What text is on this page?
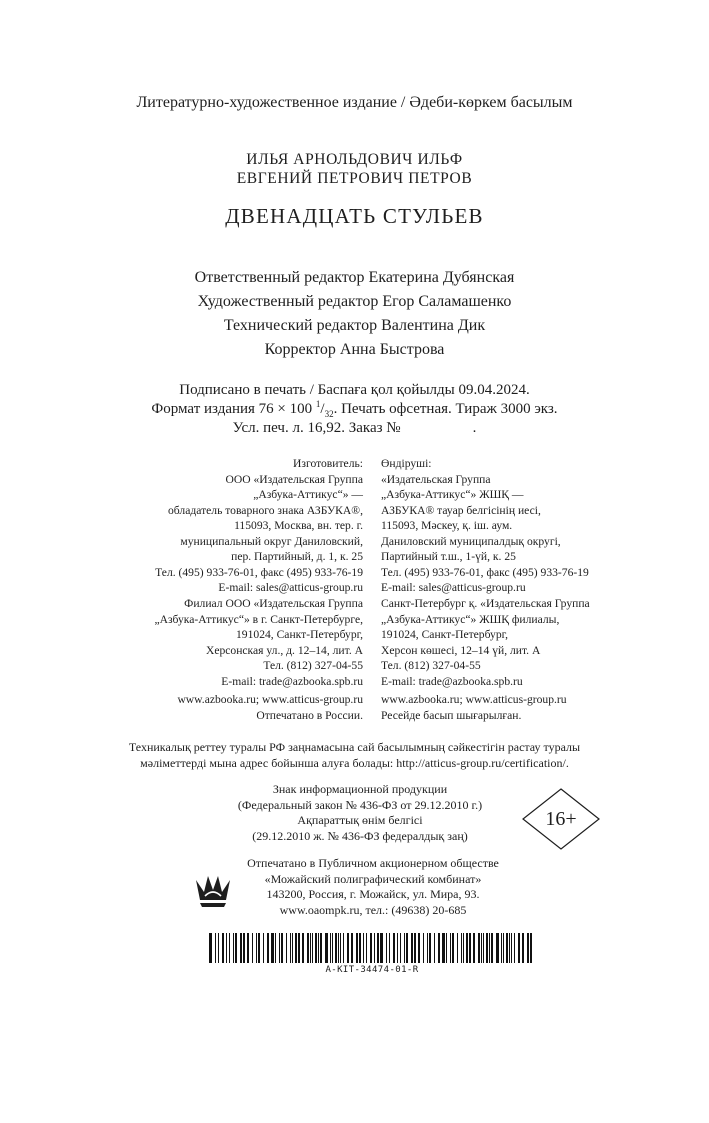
Литературно-художественное издание / Әдеби-көркем басылым
ИЛЬЯ АРНОЛЬДОВИЧ ИЛЬФ
ЕВГЕНИЙ ПЕТРОВИЧ ПЕТРОВ
ДВЕНАДЦАТЬ СТУЛЬЕВ
Ответственный редактор Екатерина Дубянская
Художественный редактор Егор Саламашенко
Технический редактор Валентина Дик
Корректор Анна Быстрова
Подписано в печать / Баспаға қол қойылды 09.04.2024.
Формат издания 76 × 100 $^1/_{32}$. Печать офсетная. Тираж 3000 экз.
Усл. печ. л. 16,92. Заказ №	.
Изготовитель:
ООО «Издательская Группа
„Азбука-Аттикус“» —
обладатель товарного знака АЗБУКА®,
115093, Москва, вн. тер. г.
муниципальный округ Даниловский,
пер. Партийный, д. 1, к. 25
Тел. (495) 933-76-01, факс (495) 933-76-19
E-mail: sales@atticus-group.ru
Өндіруші:
«Издательская Группа
„Азбука-Аттикус“» ЖШҚ —
АЗБУКА® тауар белгісінің иесі,
115093, Мәскеу, қ. іш. аум.
Даниловский муниципалдық округі,
Партийный т.ш., 1-үй, к. 25
Тел. (495) 933-76-01, факс (495) 933-76-19
E-mail: sales@atticus-group.ru
Филиал ООО «Издательская Группа
„Азбука-Аттикус“» в г. Санкт-Петербурге,
191024, Санкт-Петербург,
Херсонская ул., д. 12–14, лит. А
Тел. (812) 327-04-55
E-mail: trade@azbooka.spb.ru
Санкт-Петербург қ. «Издательская Группа
„Азбука-Аттикус“» ЖШҚ филиалы,
191024, Санкт-Петербург,
Херсон көшесі, 12–14 үй, лит. А
Тел. (812) 327-04-55
E-mail: trade@azbooka.spb.ru
www.azbooka.ru; www.atticus-group.ru
Отпечатано в России.
www.azbooka.ru; www.atticus-group.ru
Ресейде басып шығарылған.
Техникалық реттеу туралы РФ заңнамасына сай басылымның сәйкестігін растау туралы
мәліметтерді мына адрес бойынша алуға болады: http://atticus-group.ru/certification/.
Знак информационной продукции
(Федеральный закон № 436-ФЗ от 29.12.2010 г.)
Ақпараттық өнім белгісі
(29.12.2010 ж. № 436-ФЗ федералдық заң)
16+
Отпечатано в Публичном акционерном обществе
«Можайский полиграфический комбинат»
143200, Россия, г. Можайск, ул. Мира, 93.
www.oaompk.ru, тел.: (49638) 20-685
A-KIT-34474-01-R
